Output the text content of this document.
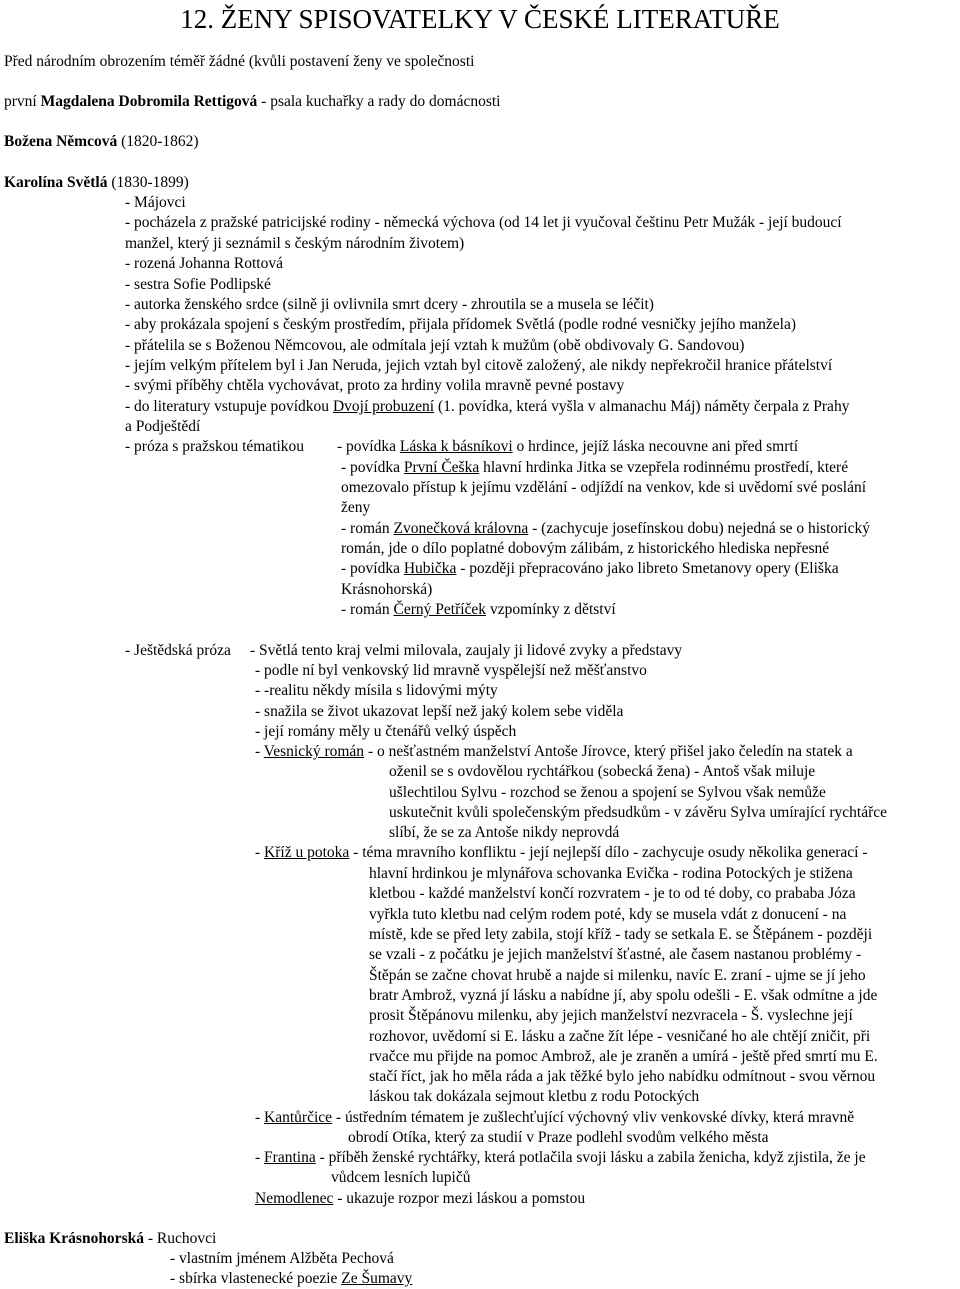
12. ŽENY SPISOVATELKY V ČESKÉ LITERATUŘE
Před národním obrozením téměř žádné (kvůli postavení ženy ve společnosti
první Magdalena Dobromila Rettigová - psala kuchařky a rady do domácnosti
Božena Němcová (1820-1862)
Karolína Světlá (1830-1899)
- Májovci
- pocházela z pražské patricijské rodiny - německá výchova (od 14 let ji vyučoval češtinu Petr Mužák - její budoucí
manžel, který ji seznámil s českým národním životem)
- rozená Johanna Rottová
- sestra Sofie Podlipské
- autorka ženského srdce (silně ji ovlivnila smrt dcery - zhroutila se a musela se léčit)
- aby prokázala spojení s českým prostředím, přijala přídomek Světlá (podle rodné vesničky jejího manžela)
- přátelila se s Boženou Němcovou, ale odmítala její vztah k mužům (obě obdivovaly G. Sandovou)
- jejím velkým přítelem byl i Jan Neruda, jejich vztah byl citově založený, ale nikdy nepřekročil hranice přátelství
- svými příběhy chtěla vychovávat, proto za hrdiny volila mravně pevné postavy
- do literatury vstupuje povídkou Dvojí probuzení (1. povídka, která vyšla v almanachu Máj) náměty čerpala z Prahy
a Podještědí
- próza s pražskou tématikou - povídka Láska k básníkovi o hrdince, jejíž láska necouvne ani před smrtí
- povídka První Češka hlavní hrdinka Jitka se vzepřela rodinnému prostředí, které
omezovalo přístup k jejímu vzdělání - odjíždí na venkov, kde si uvědomí své poslání
ženy
- román Zvonečková královna - (zachycuje josefínskou dobu) nejedná se o historický
román, jde o dílo poplatné dobovým zálibám, z historického hlediska nepřesné
- povídka Hubička - později přepracováno jako libreto Smetanovy opery (Eliška
Krásnohorská)
- román Černý Petříček vzpomínky z dětství
- Ještědská próza - Světlá tento kraj velmi milovala, zaujaly ji lidové zvyky a představy
- podle ní byl venkovský lid mravně vyspělejší než měšťanstvo
- -realitu někdy mísila s lidovými mýty
- snažila se život ukazovat lepší než jaký kolem sebe viděla
- její romány měly u čtenářů velký úspěch
- Vesnický román - o nešťastném manželství Antoše Jírovce, který přišel jako čeledín na statek a
oženil se s ovdovělou rychtářkou (sobecká žena) - Antoš však miluje
ušlechtilou Sylvu - rozchod se ženou a spojení se Sylvou však nemůže
uskutečnit kvůli společenským předsudkům - v závěru Sylva umírající rychtářce
slíbí, že se za Antoše nikdy neprovdá
- Kříž u potoka - téma mravního konfliktu - její nejlepší dílo - zachycuje osudy několika generací -
hlavní hrdinkou je mlynářova schovanka Evička - rodina Potockých je stižena
kletbou - každé manželství končí rozvratem - je to od té doby, co prababa Józa
vyřkla tuto kletbu nad celým rodem poté, kdy se musela vdát z donucení - na
místě, kde se před lety zabila, stojí kříž - tady se setkala E. se Štěpánem - později
se vzali - z počátku je jejich manželství šťastné, ale časem nastanou problémy -
Štěpán se začne chovat hrubě a najde si milenku, navíc E. zraní - ujme se jí jeho
bratr Ambrož, vyzná jí lásku a nabídne jí, aby spolu odešli - E. však odmítne a jde
prosit Štěpánovu milenku, aby jejich manželství nezvracela - Š. vyslechne její
rozhovor, uvědomí si E. lásku a začne žít lépe - vesničané ho ale chtějí zničit, při
rvačce mu přijde na pomoc Ambrož, ale je zraněn a umírá - ještě před smrtí mu E.
stačí říct, jak ho měla ráda a jak těžké bylo jeho nabídku odmítnout - svou věrnou
láskou tak dokázala sejmout kletbu z rodu Potockých
- Kantůrčice - ústředním tématem je zušlechťující výchovný vliv venkovské dívky, která mravně
obrodí Otíka, který za studií v Praze podlehl svodům velkého města
- Frantina - příběh ženské rychtářky, která potlačila svoji lásku a zabila ženicha, když zjistila, že je
vůdcem lesních lupičů
Nemodlenec - ukazuje rozpor mezi láskou a pomstou
Eliška Krásnohorská - Ruchovci
- vlastním jménem Alžběta Pechová
- sbírka vlastenecké poezie Ze Šumavy
